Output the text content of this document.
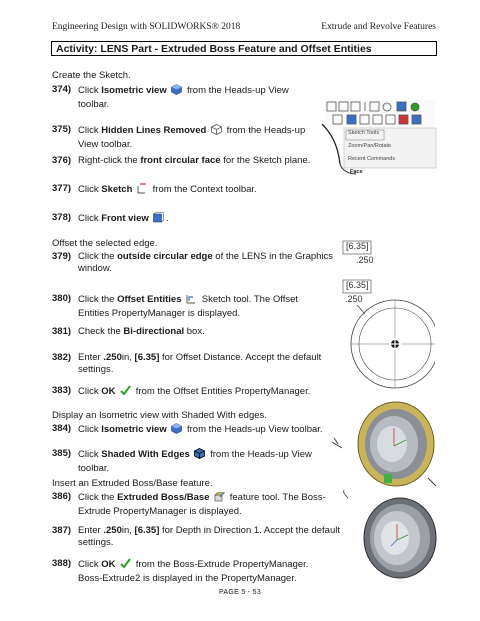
Engineering Design with SOLIDWORKS® 2018	Extrude and Revolve Features
Activity: LENS Part - Extruded Boss Feature and Offset Entities
Create the Sketch.
374) Click Isometric view  from the Heads-up View
toolbar.
375) Click Hidden Lines Removed  from the Heads-up
View toolbar.
Sketch Tools
Zoom/Pan/Rotate
Recent Commands
Face
376) Right-click the front circular face for the Sketch plane.
377) Click Sketch  from the Context toolbar.
378) Click Front view .
Offset the selected edge.
379) Click the outside circular edge of the LENS in the Graphics
window.
[6.35]
.250
[6.35]
.250
380) Click the Offset Entities  Sketch tool. The Offset
Entities PropertyManager is displayed.
381) Check the Bi-directional box.
382) Enter .250in, [6.35] for Offset Distance. Accept the default
settings.
383) Click OK  from the Offset Entities PropertyManager.
Display an Isometric view with Shaded With edges.
384) Click Isometric view  from the Heads-up View toolbar.
385) Click Shaded With Edges  from the Heads-up View
toolbar.
Insert an Extruded Boss/Base feature.
386) Click the Extruded Boss/Base  feature tool. The Boss-
Extrude PropertyManager is displayed.
387) Enter .250in, [6.35] for Depth in Direction 1. Accept the default
settings.
388) Click OK  from the Boss-Extrude PropertyManager.
Boss-Extrude2 is displayed in the PropertyManager.
PAGE 5 - 53
